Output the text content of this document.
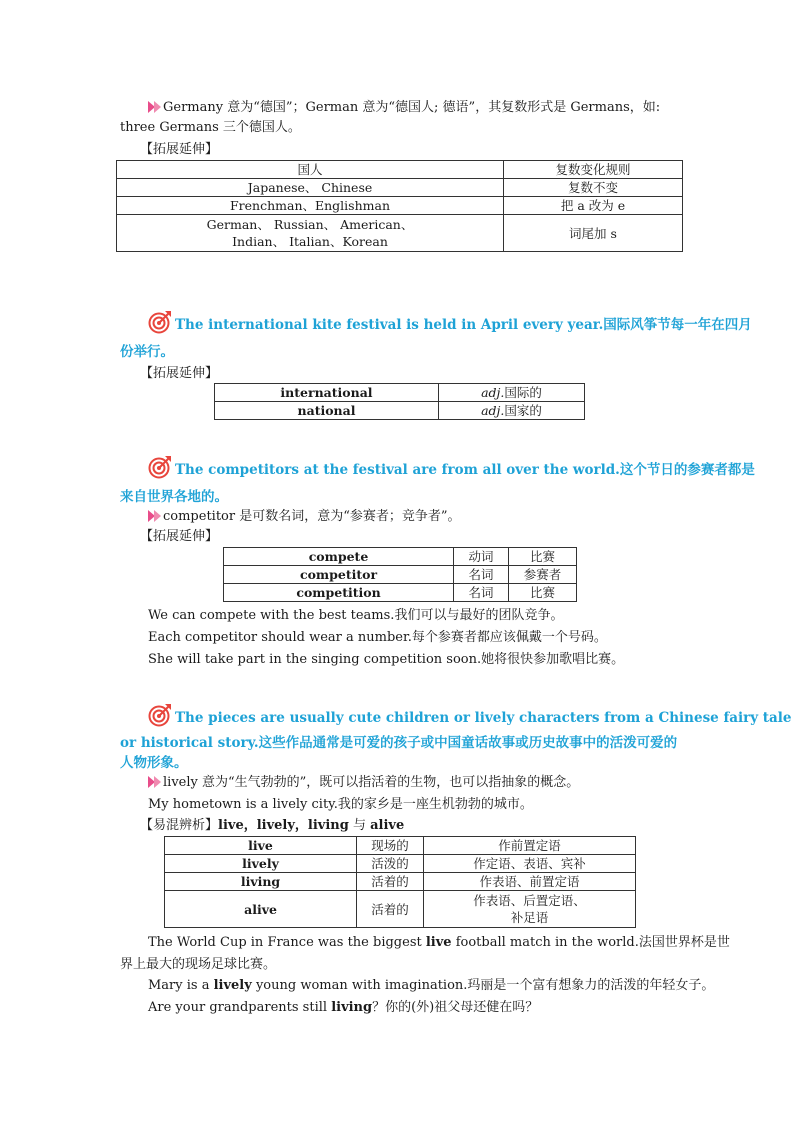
Germany 意为“德国”；German 意为“德国人; 德语”，其复数形式是 Germans，如:
three Germans 三个德国人。
【拓展延伸】
国人	复数变化规则
Japanese、 Chinese	复数不变
Frenchman、Englishman	把 a 改为 e

German、 Russian、 American、
Indian、 Italian、Korean	词尾加 s
The international kite festival is held in April every year.国际风筝节每一年在四月
份举行。
【拓展延伸】
international	adj.国际的
national	adj.国家的
The competitors at the festival are from all over the world.这个节日的参赛者都是
来自世界各地的。
competitor 是可数名词，意为“参赛者；竞争者”。
【拓展延伸】
compete	动词	比赛
competitor	名词	参赛者
competition	名词	比赛
We can compete with the best teams.我们可以与最好的团队竞争。
Each competitor should wear a number.每个参赛者都应该佩戴一个号码。
She will take part in the singing competition soon.她将很快参加歌唱比赛。
The pieces are usually cute children or lively characters from a Chinese fairy tale
or historical story.这些作品通常是可爱的孩子或中国童话故事或历史故事中的活泼可爱的
人物形象。
lively 意为“生气勃勃的”，既可以指活着的生物，也可以指抽象的概念。
My hometown is a lively city.我的家乡是一座生机勃勃的城市。
【易混辨析】live，lively，living 与 alive
live	现场的	作前置定语
lively	活泼的	作定语、表语、宾补
living	活着的	作表语、前置定语
alive	活着的	作表语、后置定语、
补足语
The World Cup in France was the biggest live football match in the world.法国世界杯是世
界上最大的现场足球比赛。
Mary is a lively young woman with imagination.玛丽是一个富有想象力的活泼的年轻女子。
Are your grandparents still living？你的(外)祖父母还健在吗？
